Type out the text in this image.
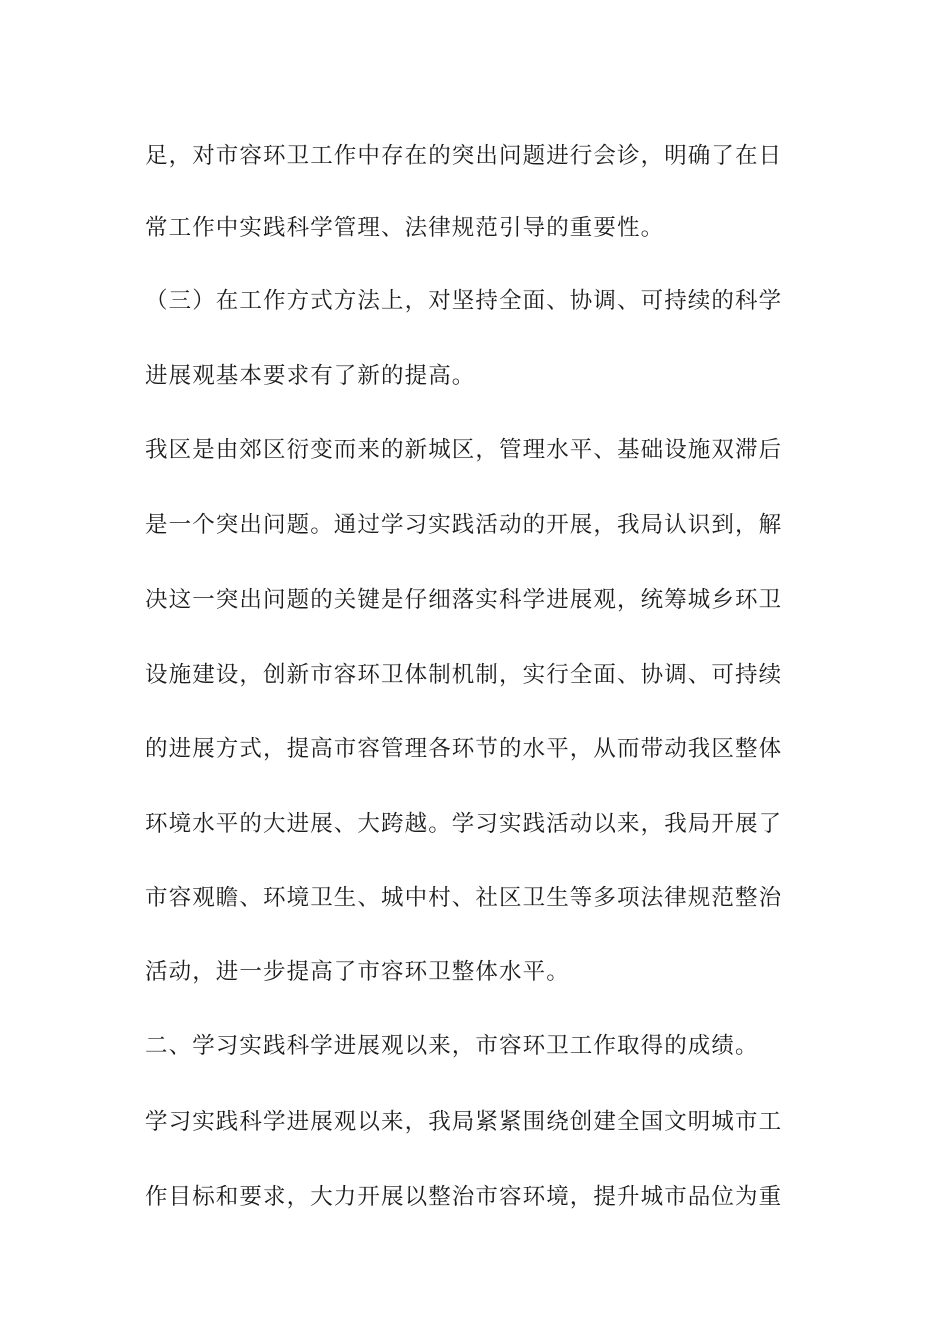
足，对市容环卫工作中存在的突出问题进行会诊，明确了在日
常工作中实践科学管理、法律规范引导的重要性。
（三）在工作方式方法上，对坚持全面、协调、可持续的科学
进展观基本要求有了新的提高。
我区是由郊区衍变而来的新城区，管理水平、基础设施双滞后
是一个突出问题。通过学习实践活动的开展，我局认识到，解
决这一突出问题的关键是仔细落实科学进展观，统筹城乡环卫
设施建设，创新市容环卫体制机制，实行全面、协调、可持续
的进展方式，提高市容管理各环节的水平，从而带动我区整体
环境水平的大进展、大跨越。学习实践活动以来，我局开展了
市容观瞻、环境卫生、城中村、社区卫生等多项法律规范整治
活动，进一步提高了市容环卫整体水平。
二、学习实践科学进展观以来，市容环卫工作取得的成绩。
学习实践科学进展观以来，我局紧紧围绕创建全国文明城市工
作目标和要求，大力开展以整治市容环境，提升城市品位为重
